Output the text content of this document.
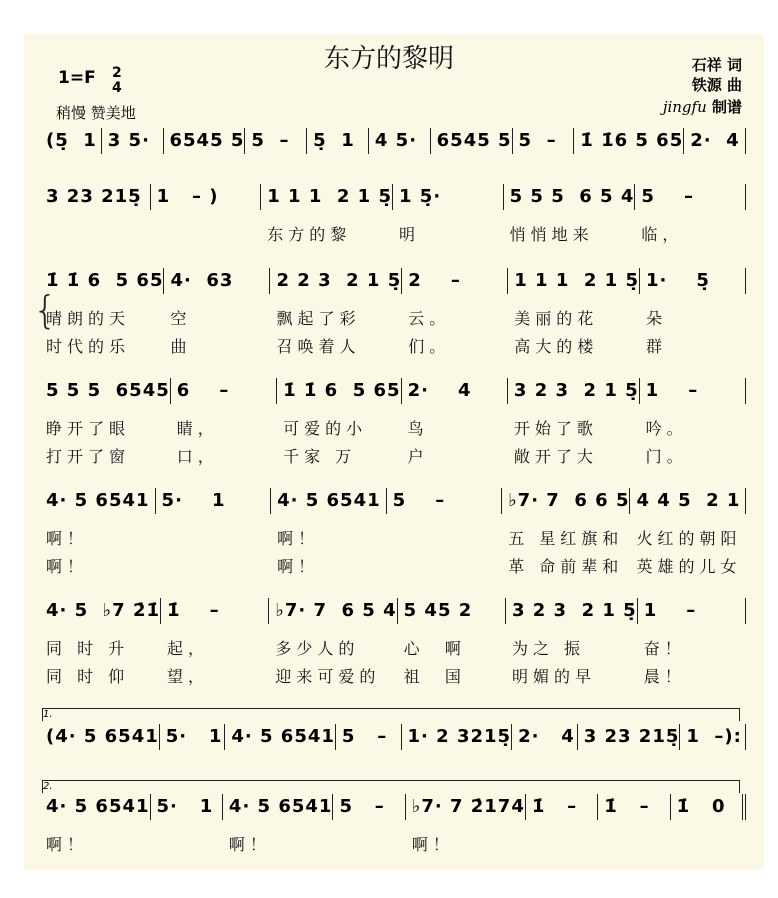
东方的黎明
1=F 2
4
稍慢 赞美地
石祥 词
铁源 曲
jingfu 制谱
{
1.
2.
(5̣  1 3 5·	6545 5 5  –	5̣  1	4 5·	6545 5 5  –	1̇ 1̇6 5 65 2·  4
3 23 215̣ 1   – )	1 1 1  2 1 5̣
东方的黎
1 5̣·
明
5 5 5  6 5 4
悄悄地来
5    –
临，
1̇ 1̇ 6  5 65
晴朗的天
时代的乐
4·  63
空
曲
2 2 3  2 1 5̣
飘起了彩
召唤着人
2    –
云。
们。
1 1 1  2 1 5̣
美丽的花
高大的楼
1·    5̣
朵
群
5 5 5  6545
睁开了眼
打开了窗
6    –
睛，
口，
1̇ 1̇ 6  5 65
可爱的小
千家 万
2·    4
鸟
户
3 2 3  2 1 5̣
开始了歌
敞开了大
1    –
吟。
门。
4· 5 6541
啊！
啊！
5·    1	4· 5 6541
啊！
啊！
5    –	♭7· 7  6 6 5
五 星红旗和
革 命前辈和
4 4 5  2 1
火红的朝阳
英雄的儿女
4· 5  ♭7 2̇1̇
同 时 升
同 时 仰
1̇    –
起，
望，
♭7· 7  6 5 4
多少人的
迎来可爱的
5 45 2
心  啊
祖  国
3 2 3  2 1 5̣
为之 振
明媚的早
1    –
奋！
晨！
(4· 5 6541 5·   1 4· 5 6541 5   –	1· 2 3215̣ 2·   4 3 23 215̣ 1  –):
4· 5 6541
啊！
5·   1 4· 5 6541
啊！
5   –	♭7· 7 2̇174
啊！
1̇   –	1̇   –	1̇   0
